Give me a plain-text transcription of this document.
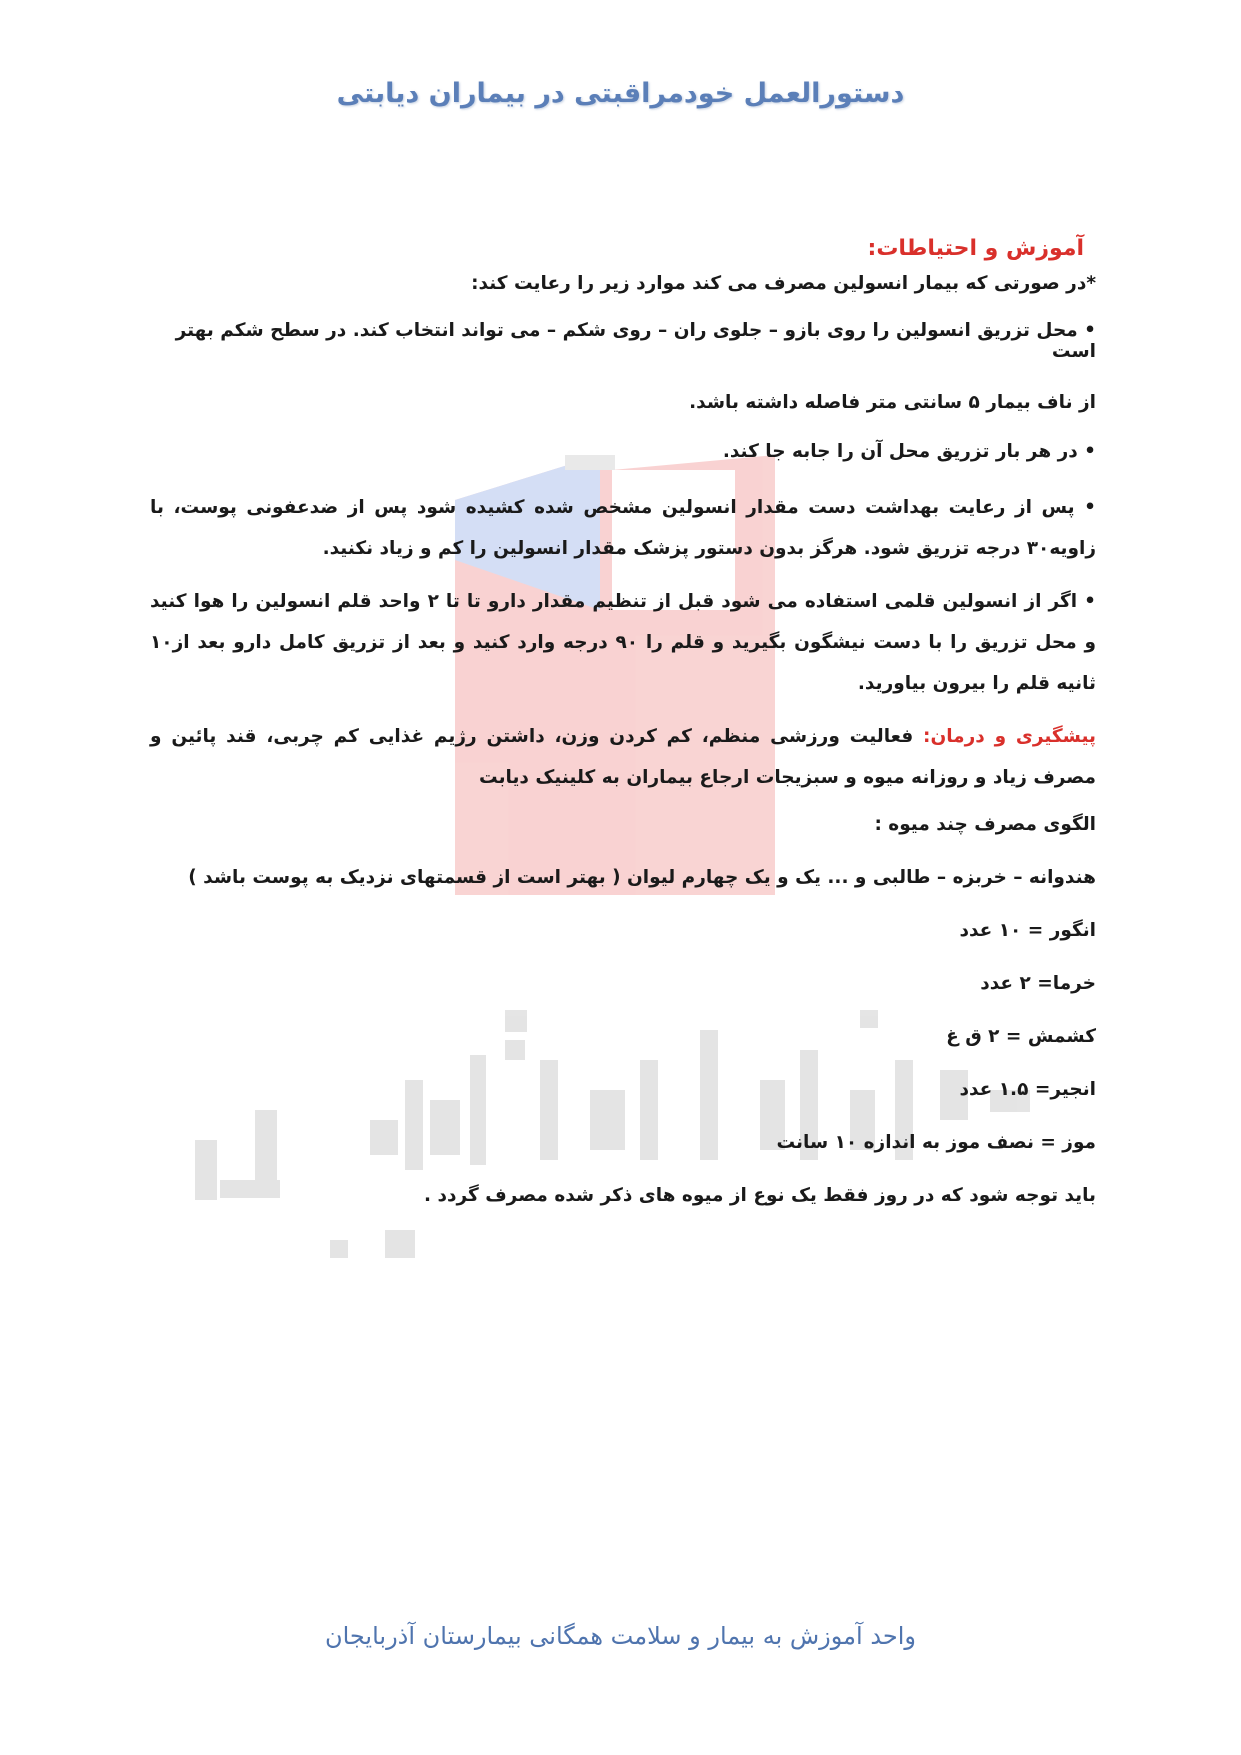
دستورالعمل خودمراقبتی در بیماران دیابتی
آموزش و احتیاطات:

*در صورتی که بیمار انسولین مصرف می کند موارد زیر را رعایت کند:

• محل تزریق انسولین را روی بازو – جلوی ران – روی شکم – می تواند انتخاب کند. در سطح شکم بهتر است

از ناف بیمار ۵ سانتی متر فاصله داشته باشد.

• در هر بار تزریق محل آن را جابه جا کند.

• پس از رعایت بهداشت دست مقدار انسولین مشخص شده کشیده شود پس از ضدعفونی پوست، با زاویه۳۰ درجه تزریق شود. هرگز بدون دستور پزشک مقدار انسولین را کم و زیاد نکنید.

• اگر از انسولین قلمی استفاده می شود قبل از تنظیم مقدار دارو تا تا ۲ واحد قلم انسولین را هوا کنید و محل تزریق را با دست نیشگون بگیرید و قلم را ۹۰ درجه وارد کنید و بعد از تزریق کامل دارو بعد از۱۰ ثانیه قلم را بیرون بیاورید.

پیشگیری و درمان: فعالیت ورزشی منظم، کم کردن وزن، داشتن رژیم غذایی کم چربی، قند پائین و مصرف زیاد و روزانه میوه و سبزیجات ارجاع بیماران به کلینیک دیابت

الگوی مصرف چند میوه :

هندوانه – خربزه – طالبی و ... یک و یک چهارم لیوان ( بهتر است از قسمتهای نزدیک به پوست باشد )

انگور = ۱۰ عدد

خرما= ۲ عدد

کشمش = ۲ ق غ

انجیر= ۱.۵ عدد

موز = نصف موز به اندازه ۱۰ سانت

باید توجه شود که در روز فقط یک نوع از میوه های ذکر شده مصرف گردد .

واحد آموزش به بیمار و سلامت همگانی بیمارستان آذربایجان
